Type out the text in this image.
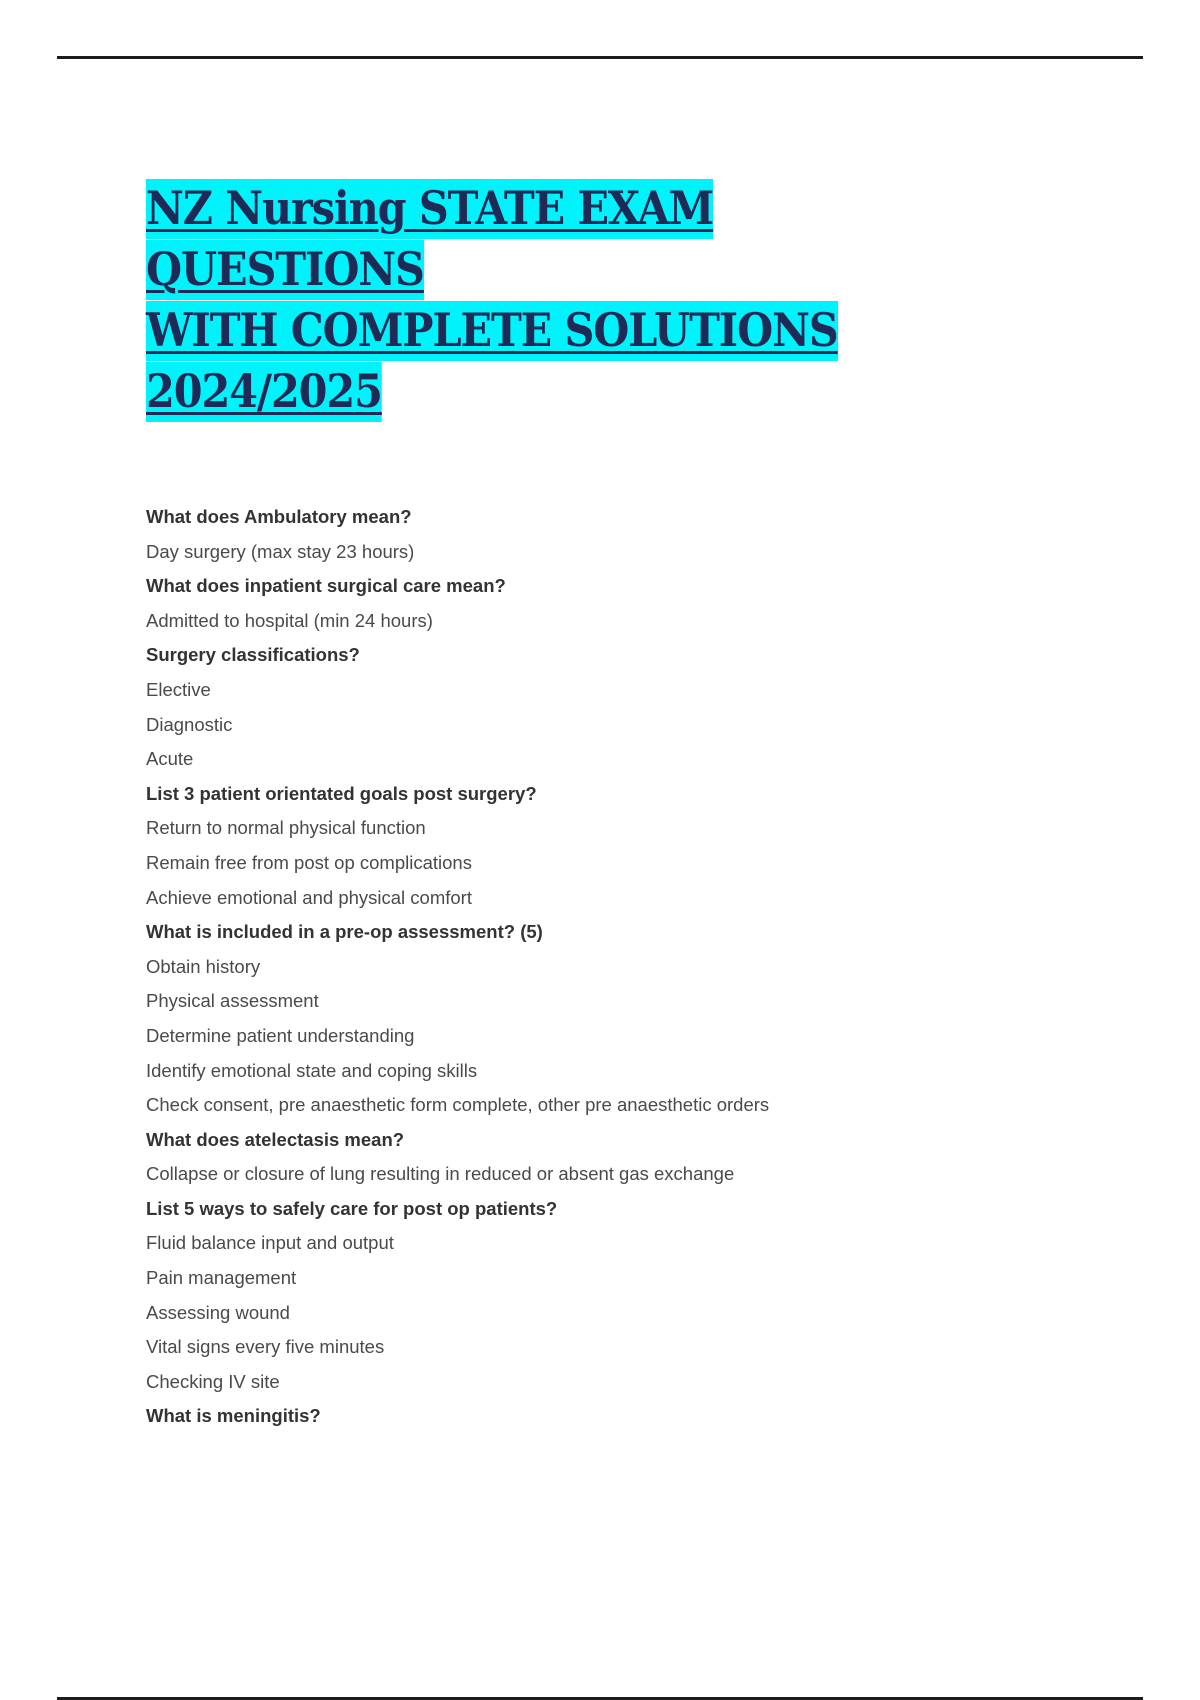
NZ Nursing STATE EXAM QUESTIONS
WITH COMPLETE SOLUTIONS
2024/2025
What does Ambulatory mean?
Day surgery (max stay 23 hours)
What does inpatient surgical care mean?
Admitted to hospital (min 24 hours)
Surgery classifications?
Elective
Diagnostic
Acute
List 3 patient orientated goals post surgery?
Return to normal physical function
Remain free from post op complications
Achieve emotional and physical comfort
What is included in a pre-op assessment? (5)
Obtain history
Physical assessment
Determine patient understanding
Identify emotional state and coping skills
Check consent, pre anaesthetic form complete, other pre anaesthetic orders
What does atelectasis mean?
Collapse or closure of lung resulting in reduced or absent gas exchange
List 5 ways to safely care for post op patients?
Fluid balance input and output
Pain management
Assessing wound
Vital signs every five minutes
Checking IV site
What is meningitis?
